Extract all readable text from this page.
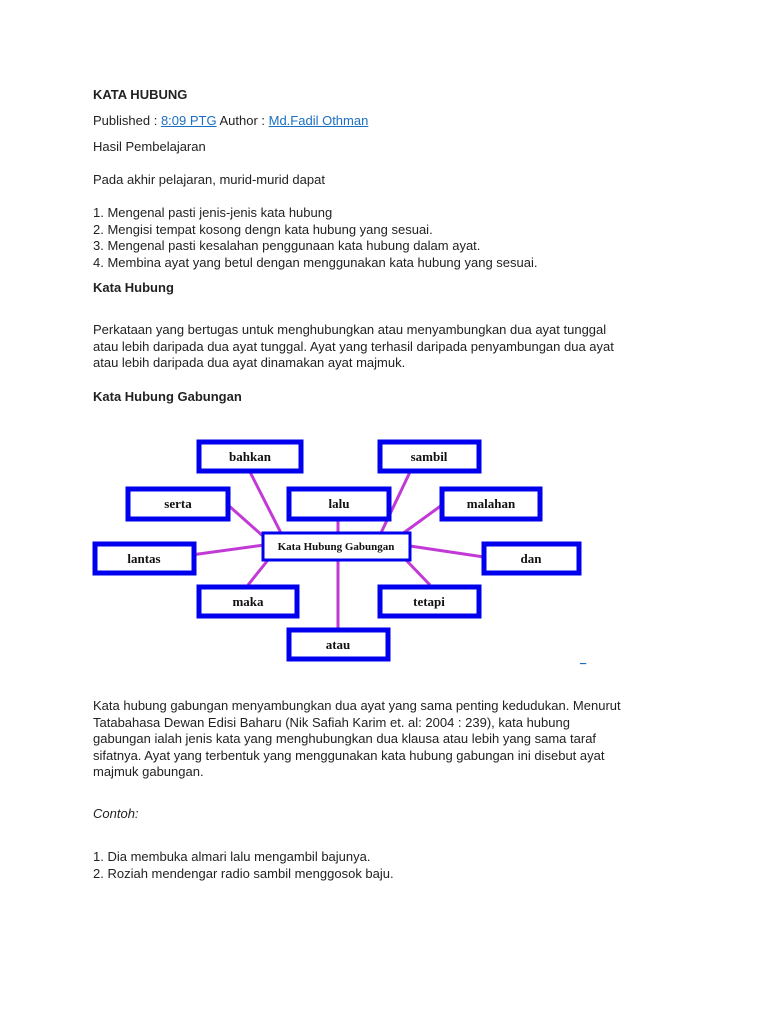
KATA HUBUNG
Published : 8:09 PTG Author : Md.Fadil Othman
Hasil Pembelajaran
Pada akhir pelajaran, murid-murid dapat
1. Mengenal pasti jenis-jenis kata hubung
2. Mengisi tempat kosong dengn kata hubung yang sesuai.
3. Mengenal pasti kesalahan penggunaan kata hubung dalam ayat.
4. Membina ayat yang betul dengan menggunakan kata hubung yang sesuai.
Kata Hubung
Perkataan yang bertugas untuk menghubungkan atau menyambungkan dua ayat tunggal
atau lebih daripada dua ayat tunggal. Ayat yang terhasil daripada penyambungan dua ayat
atau lebih daripada dua ayat dinamakan ayat majmuk.
Kata Hubung Gabungan
Kata Hubung Gabungan
bahkan	sambil
serta	lalu	malahan
lantas	dan
maka	tetapi
atau
_
Kata hubung gabungan menyambungkan dua ayat yang sama penting kedudukan. Menurut
Tatabahasa Dewan Edisi Baharu (Nik Safiah Karim et. al: 2004 : 239), kata hubung
gabungan ialah jenis kata yang menghubungkan dua klausa atau lebih yang sama taraf
sifatnya. Ayat yang terbentuk yang menggunakan kata hubung gabungan ini disebut ayat
majmuk gabungan.
Contoh:
1. Dia membuka almari lalu mengambil bajunya.
2. Roziah mendengar radio sambil menggosok baju.
